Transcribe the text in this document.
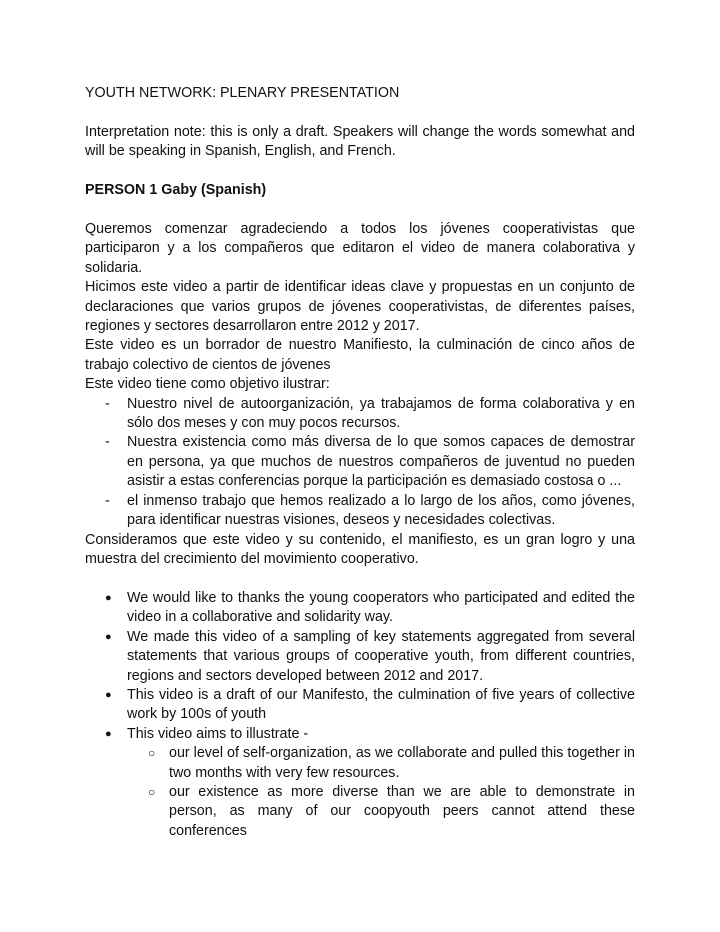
YOUTH NETWORK: PLENARY PRESENTATION

Interpretation note: this is only a draft. Speakers will change the words somewhat and will be speaking in Spanish, English, and French.

PERSON 1 Gaby (Spanish)

Queremos comenzar agradeciendo a todos los jóvenes cooperativistas que participaron y a los compañeros que editaron el video de manera colaborativa y solidaria.

Hicimos este video a partir de identificar ideas clave y propuestas en un conjunto de declaraciones que varios grupos de jóvenes cooperativistas, de diferentes países, regiones y sectores desarrollaron entre 2012 y 2017.

Este video es un borrador de nuestro Manifiesto, la culminación de cinco años de trabajo colectivo de cientos de jóvenes

Este video tiene como objetivo ilustrar:

- Nuestro nivel de autoorganización, ya trabajamos de forma colaborativa y en sólo dos meses y con muy pocos recursos.
- Nuestra existencia como más diversa de lo que somos capaces de demostrar en persona, ya que muchos de nuestros compañeros de juventud no pueden asistir a estas conferencias porque la participación es demasiado costosa o ...
- el inmenso trabajo que hemos realizado a lo largo de los años, como jóvenes, para identificar nuestras visiones, deseos y necesidades colectivas.

Consideramos que este video y su contenido, el manifiesto, es un gran logro y una muestra del crecimiento del movimiento cooperativo.

● We would like to thanks the young cooperators who participated and edited the video in a collaborative and solidarity way.
● We made this video of a sampling of key statements aggregated from several statements that various groups of cooperative youth, from different countries, regions and sectors developed between 2012 and 2017.
● This video is a draft of our Manifesto, the culmination of five years of collective work by 100s of youth
● This video aims to illustrate -
○ our level of self-organization, as we collaborate and pulled this together in two months with very few resources.
○ our existence as more diverse than we are able to demonstrate in person, as many of our coopyouth peers cannot attend these conferences
